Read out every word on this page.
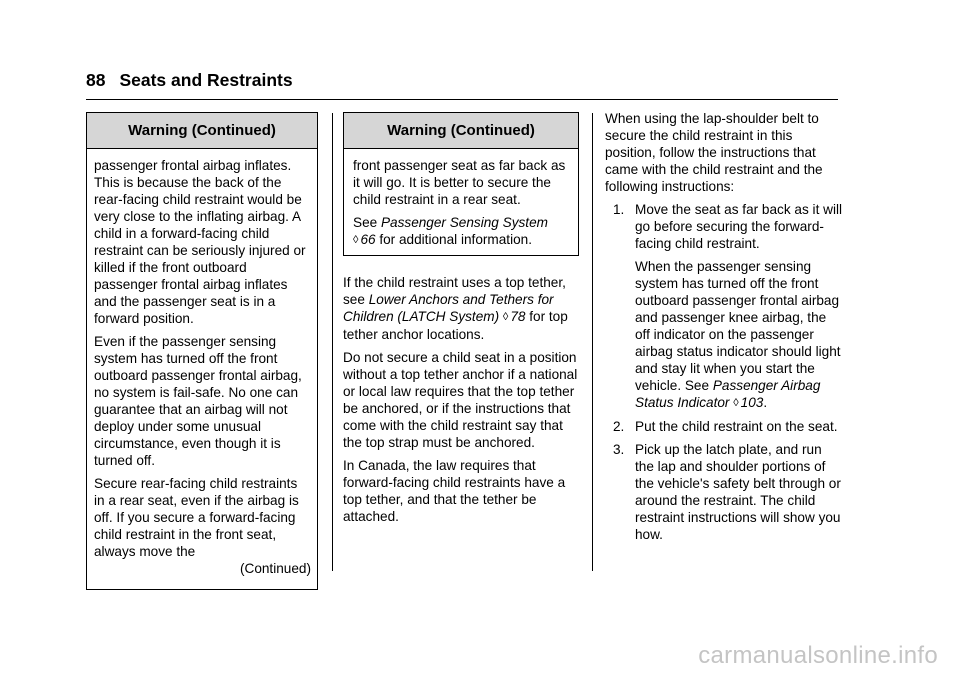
88 Seats and Restraints
Warning (Continued)

passenger frontal airbag inflates. This is because the back of the rear-facing child restraint would be very close to the inflating airbag. A child in a forward-facing child restraint can be seriously injured or killed if the front outboard passenger frontal airbag inflates and the passenger seat is in a forward position.

Even if the passenger sensing system has turned off the front outboard passenger frontal airbag, no system is fail-safe. No one can guarantee that an airbag will not deploy under some unusual circumstance, even though it is turned off.

Secure rear-facing child restraints in a rear seat, even if the airbag is off. If you secure a forward-facing child restraint in the front seat, always move the

(Continued)

Warning (Continued)

front passenger seat as far back as it will go. It is better to secure the child restraint in a rear seat.

See Passenger Sensing System
◊ 66 for additional information.

If the child restraint uses a top tether, see Lower Anchors and Tethers for Children (LATCH System) ◊ 78 for top tether anchor locations.

Do not secure a child seat in a position without a top tether anchor if a national or local law requires that the top tether be anchored, or if the instructions that come with the child restraint say that the top strap must be anchored.

In Canada, the law requires that forward-facing child restraints have a top tether, and that the tether be attached.

When using the lap-shoulder belt to secure the child restraint in this position, follow the instructions that came with the child restraint and the following instructions:

1. Move the seat as far back as it will go before securing the forward-facing child restraint.
When the passenger sensing system has turned off the front outboard passenger frontal airbag and passenger knee airbag, the off indicator on the passenger airbag status indicator should light and stay lit when you start the vehicle. See Passenger Airbag Status Indicator ◊ 103.
2. Put the child restraint on the seat.
3. Pick up the latch plate, and run the lap and shoulder portions of the vehicle's safety belt through or around the restraint. The child restraint instructions will show you how.
carmanualsonline.info
